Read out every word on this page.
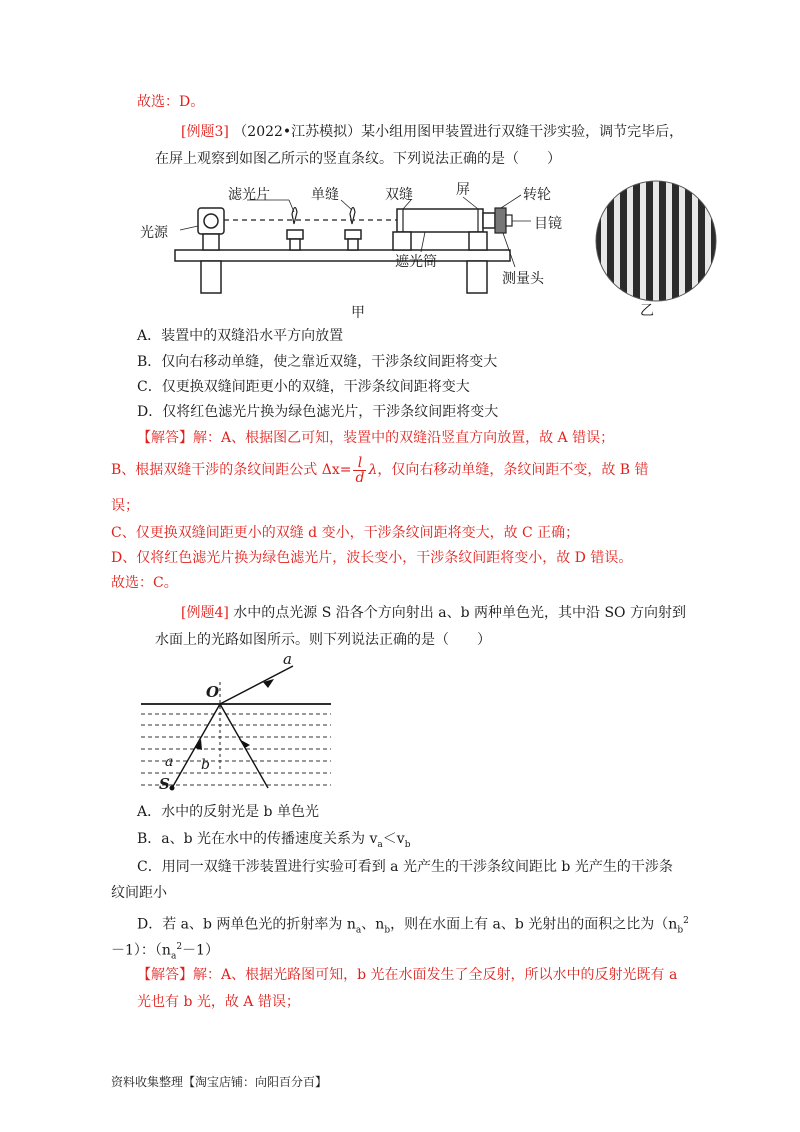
故选：D。
[例题3] （2022•江苏模拟）某小组用图甲装置进行双缝干涉实验，调节完毕后，
在屏上观察到如图乙所示的竖直条纹。下列说法正确的是（　　）
滤光片	单缝	双缝	屏	转轮
光源
目镜
遮光筒
测量头
甲	乙
A．装置中的双缝沿水平方向放置
B．仅向右移动单缝，使之靠近双缝，干涉条纹间距将变大
C．仅更换双缝间距更小的双缝，干涉条纹间距将变大
D．仅将红色滤光片换为绿色滤光片，干涉条纹间距将变大
【解答】解：A、根据图乙可知，装置中的双缝沿竖直方向放置，故 A 错误；
B、根据双缝干涉的条纹间距公式 $\Delta x= \frac{l}{d}$ λ，仅向右移动单缝，条纹间距不变，故 B 错
误；
C、仅更换双缝间距更小的双缝 d 变小，干涉条纹间距将变大，故 C 正确；
D、仅将红色滤光片换为绿色滤光片，波长变小，干涉条纹间距将变小，故 D 错误。
故选：C。
[例题4] 水中的点光源 S 沿各个方向射出 a、b 两种单色光，其中沿 SO 方向射到
水面上的光路如图所示。则下列说法正确的是（　　）
a
O
a b
S
A．水中的反射光是 b 单色光
B．a、b 光在水中的传播速度关系为 $v_a<v_b$
C．用同一双缝干涉装置进行实验可看到 a 光产生的干涉条纹间距比 b 光产生的干涉条
纹间距小
D．若 a、b 两单色光的折射率为 $n_a$、$n_b$，则在水面上有 a、b 光射出的面积之比为（$n_b^2$
－1）：$(n_a^2-1)$
【解答】解：A、根据光路图可知，b 光在水面发生了全反射，所以水中的反射光既有 a
光也有 b 光，故 A 错误；
资料收集整理【淘宝店铺：向阳百分百】
